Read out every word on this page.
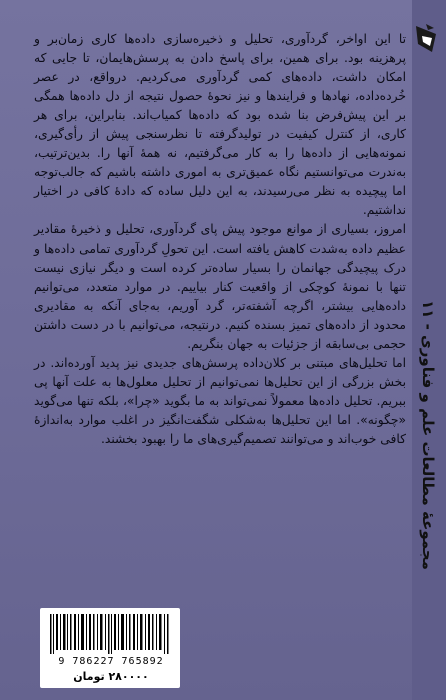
مجموعهٔ مطالعات علم و فناوری - ۱۱

تا این اواخر، گردآوری، تحلیل و ذخیره‌سازی داده‌ها کاری زمان‌بر و پرهزینه بود. برای همین، برای پاسخ دادن به پرسش‌هایمان، تا جایی که امکان داشت، داده‌های کمی گردآوری می‌کردیم. درواقع، در عصر خُرده‌داده، نهادها و فرایندها و نیز نحوهٔ حصول نتیجه از دل داده‌ها همگی بر این پیش‌فرض بنا شده بود که داده‌ها کمیاب‌اند. بنابراین، برای هر کاری، از کنترل کیفیت در تولیدگرفته تا نظرسنجی پیش از رأی‌گیری، نمونه‌هایی از داده‌ها را به کار می‌گرفتیم، نه همهٔ آنها را. بدین‌ترتیب، به‌ندرت می‌توانستیم نگاه عمیق‌تری به اموری داشته باشیم که جالب‌توجه اما پیچیده به نظر می‌رسیدند، به این دلیل ساده که دادهٔ کافی در اختیار نداشتیم.

امروز، بسیاری از موانع موجود پیش پای گردآوری، تحلیل و ذخیرهٔ مقادیر عظیم داده به‌شدت کاهش یافته است. این تحولِ گردآوری تمامی داده‌ها و درک پیچیدگی جهانمان را بسیار ساده‌تر کرده است و دیگر نیازی نیست تنها با نمونهٔ کوچکی از واقعیت کنار بیاییم. در موارد متعدد، می‌توانیم داده‌هایی بیشتر، اگرچه آشفته‌تر، گرد آوریم، به‌جای آنکه به مقادیری محدود از داده‌های تمیز بسنده کنیم. درنتیجه، می‌توانیم با در دست داشتن حجمی بی‌سابقه از جزئیات به جهان بنگریم.

اما تحلیل‌های مبتنی بر کلان‌داده پرسش‌های جدیدی نیز پدید آورده‌اند. در بخش بزرگی از این تحلیل‌ها نمی‌توانیم از تحلیل معلول‌ها به علت آنها پی ببریم. تحلیل داده‌ها معمولاً نمی‌تواند به ما بگوید «چرا»، بلکه تنها می‌گوید «چگونه». اما این تحلیل‌ها به‌شکلی شگفت‌انگیز در اغلب موارد به‌اندازهٔ کافی خوب‌اند و می‌توانند تصمیم‌گیری‌های ما را بهبود بخشند.

9 786227 765892
۲۸۰۰۰۰ تومان
